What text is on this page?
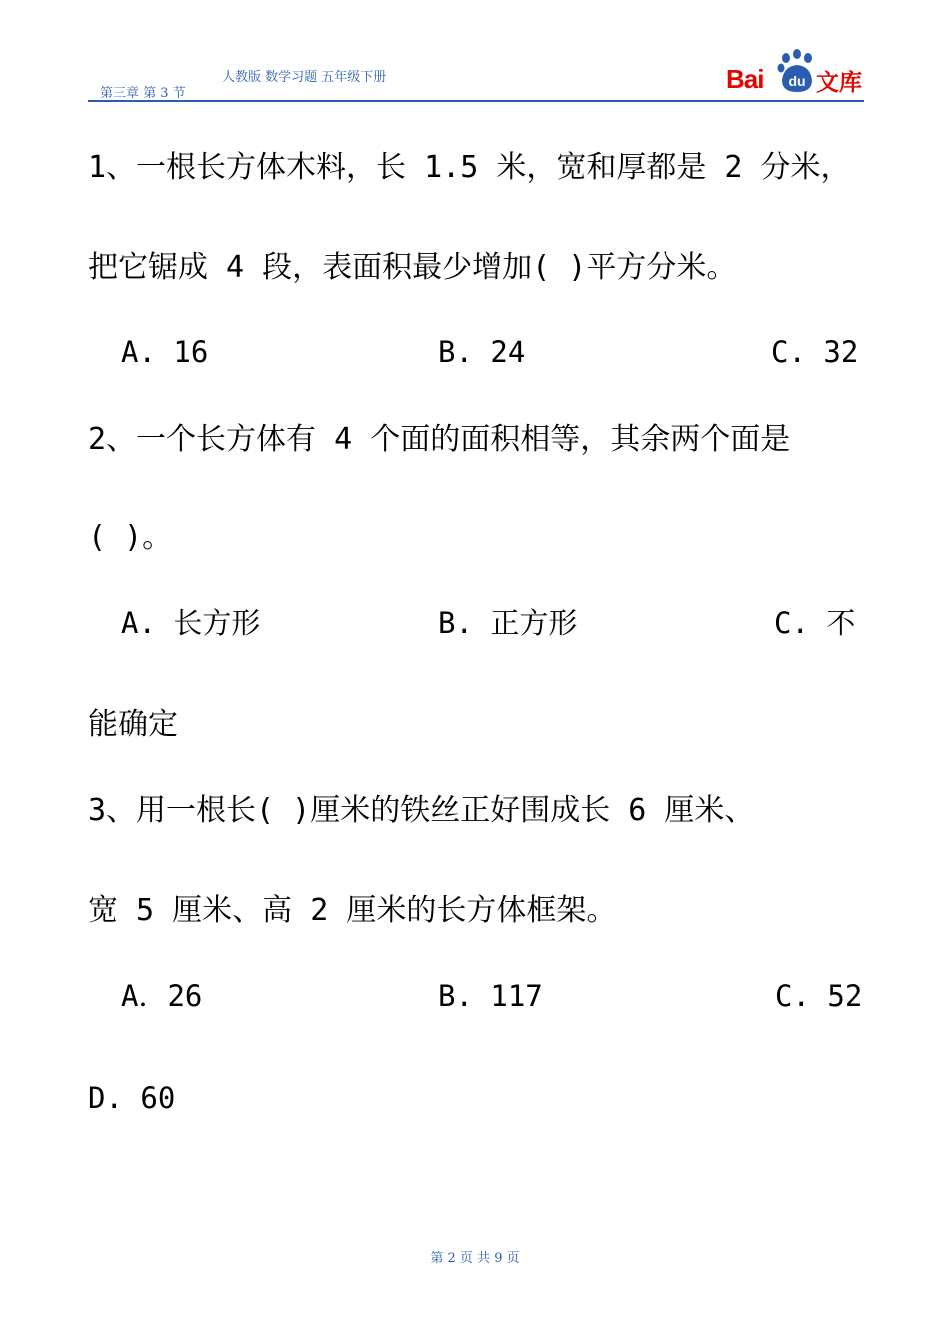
人教版 数学习题 五年级下册
第三章 第 3 节	Bai du 文库
1、一根长方体木料，长 1.5 米，宽和厚都是 2 分米，
把它锯成 4 段，表面积最少增加( )平方分米。
A. 16	B. 24	C. 32
2、一个长方体有 4 个面的面积相等，其余两个面是
( )。
A. 长方形	B. 正方形	C. 不
能确定
3、用一根长( )厘米的铁丝正好围成长 6 厘米、
宽 5 厘米、高 2 厘米的长方体框架。
A．26	B. 117	C. 52
D. 60
第 2 页 共 9 页
